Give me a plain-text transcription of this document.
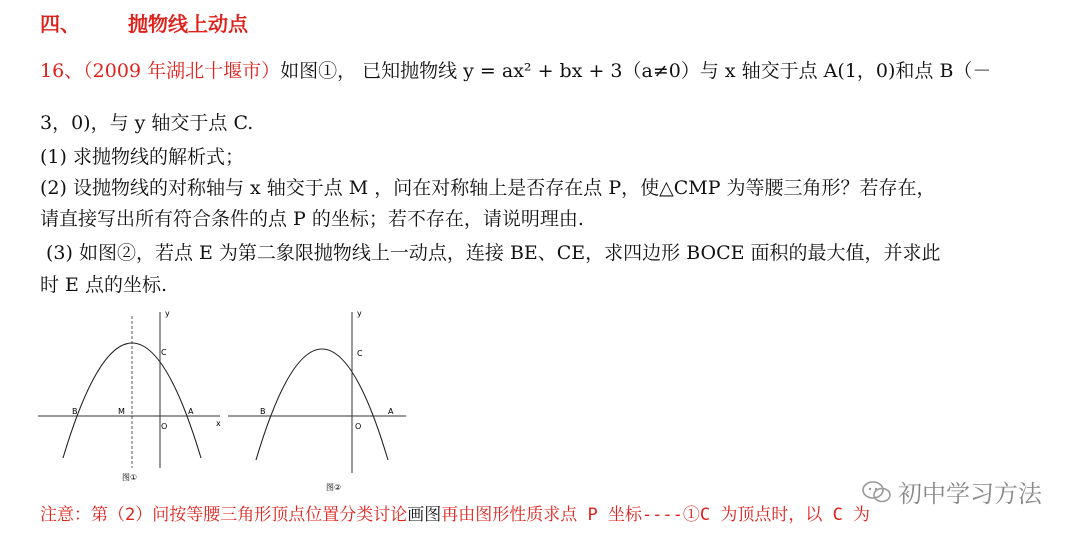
四、 抛物线上动点
16、（2009 年湖北十堰市）如图①， 已知抛物线 y = ax² + bx + 3（a≠0）与 x 轴交于点 A(1，0)和点 B（－
3，0)，与 y 轴交于点 C.
(1) 求抛物线的解析式；
(2) 设抛物线的对称轴与 x 轴交于点 M ，问在对称轴上是否存在点 P，使△CMP 为等腰三角形？若存在，
请直接写出所有符合条件的点 P 的坐标；若不存在，请说明理由.
(3) 如图②，若点 E 为第二象限抛物线上一动点，连接 BE、CE，求四边形 BOCE 面积的最大值，并求此
时 E 点的坐标.
y
x
C
B	M	A
O
图①
y
C
B	A
O
图②	初中学习方法
注意：第（2）问按等腰三角形顶点位置分类讨论画图再由图形性质求点 P 坐标----①C 为顶点时，以 C 为
